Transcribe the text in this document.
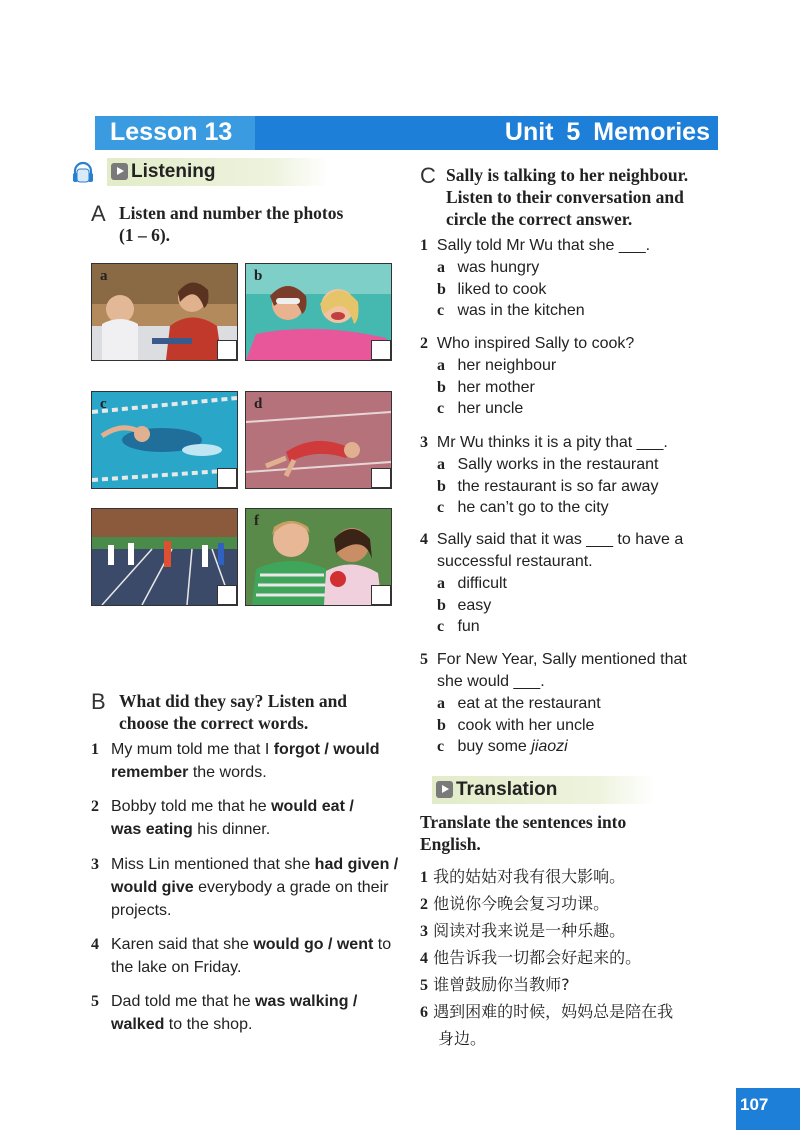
Lesson 13	Unit 5 Memories
Listening
A Listen and number the photos
(1 – 6).
a	b
c	d
f
B What did they say? Listen and
choose the correct words.
1 My mum told me that I forgot / would
remember the words.
2 Bobby told me that he would eat /
was eating his dinner.
3 Miss Lin mentioned that she had given /
would give everybody a grade on their
projects.
4 Karen said that she would go / went to
the lake on Friday.
5 Dad told me that he was walking /
walked to the shop.
C Sally is talking to her neighbour.
Listen to their conversation and
circle the correct answer.
1 Sally told Mr Wu that she ___.
a was hungry
b liked to cook
c was in the kitchen
2 Who inspired Sally to cook?
a her neighbour
b her mother
c her uncle
3 Mr Wu thinks it is a pity that ___.
a Sally works in the restaurant
b the restaurant is so far away
c he can’t go to the city
4 Sally said that it was ___ to have a
successful restaurant.
a difficult
b easy
c fun
5 For New Year, Sally mentioned that
she would ___.
a eat at the restaurant
b cook with her uncle
c buy some jiaozi
Translation
Translate the sentences into
English.
1 我的姑姑对我有很大影响。
2 他说你今晚会复习功课。
3 阅读对我来说是一种乐趣。
4 他告诉我一切都会好起来的。
5 谁曾鼓励你当教师?
6 遇到困难的时候，妈妈总是陪在我
身边。
107
